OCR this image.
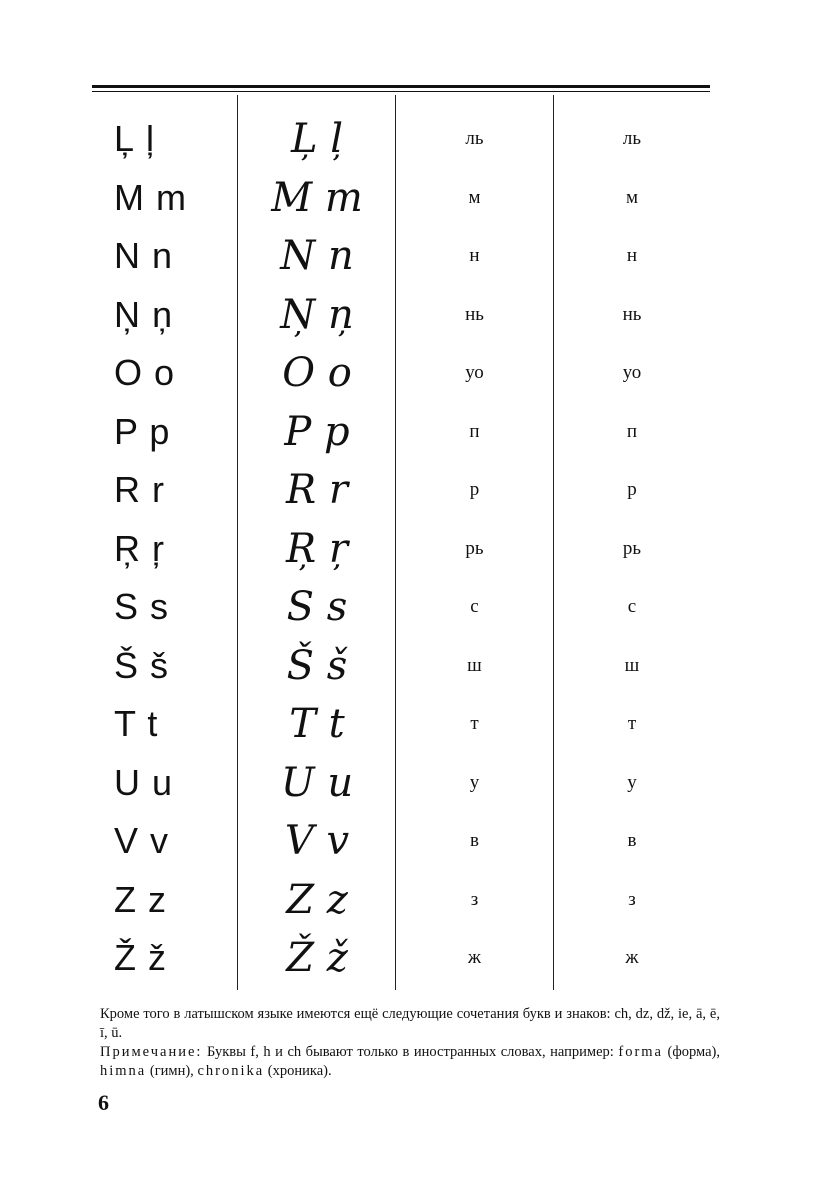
Ļ ļ	Ļ ļ	ль	ль
M m	M m	м	м
N n	N n	н	н
Ņ ņ	Ņ ņ	нь	нь
O o	O o	уо	уо
P p	P p	п	п
R r	R r	р	р
Ŗ ŗ	Ŗ ŗ	рь	рь
S s	S s	с	с
Š š	Š š	ш	ш
T t	T t	т	т
U u	U u	у	у
V v	V v	в	в
Z z	Z z	з	з
Ž ž	Ž ž	ж	ж

Кроме того в латышском языке имеются ещё следующие сочетания букв и знаков: ch, dz, dž, ie, ā, ē, ī, ū.

Примечание: Буквы f, h и ch бывают только в иностранных словах, например: forma (форма), himna (гимн), chronika (хроника).

6
